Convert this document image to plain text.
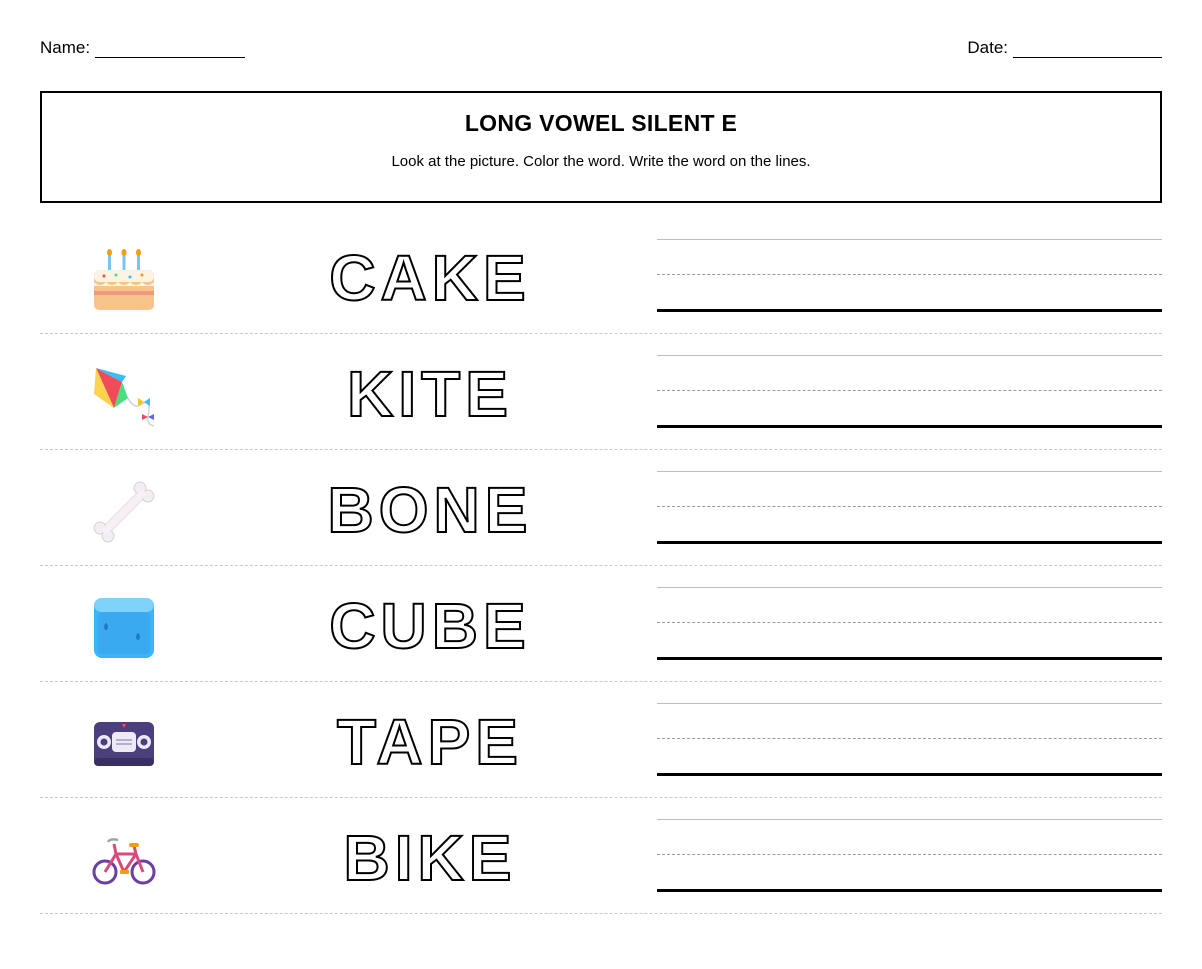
Name:	Date:
LONG VOWEL SILENT E

Look at the picture. Color the word. Write the word on the lines.

CAKE
KITE
BONE
CUBE
TAPE
BIKE
